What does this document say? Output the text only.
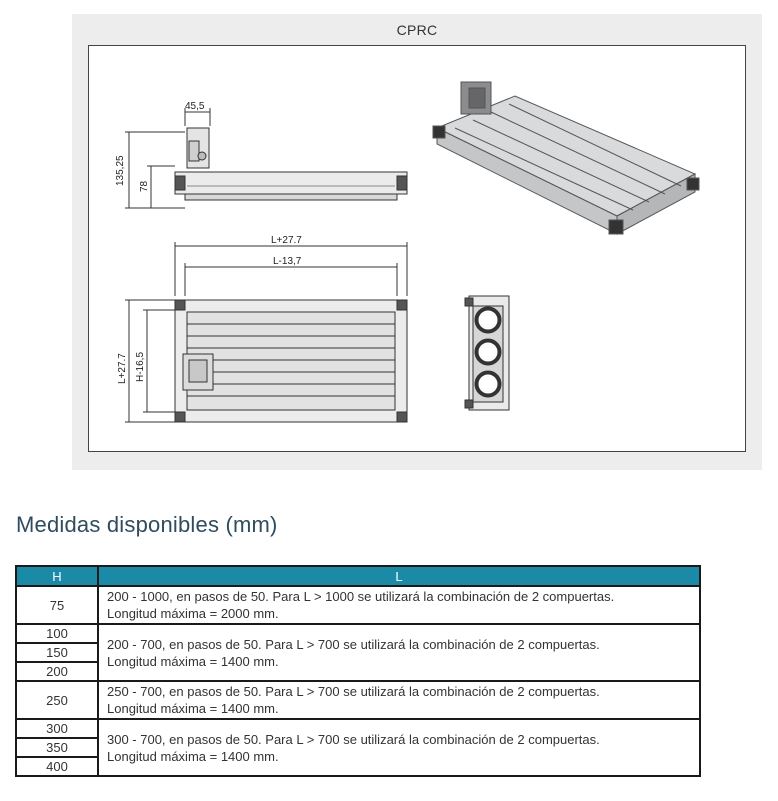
CPRC
45,5
135,25
78
L+27.7
L-13,7
L+27.7 H-16,5
Medidas disponibles (mm)
H	L
75	200 - 1000, en pasos de 50. Para L > 1000 se utilizará la combinación de 2 compuertas.
Longitud máxima = 2000 mm.

100	200 - 700, en pasos de 50. Para L > 700 se utilizará la combinación de 2 compuertas.
Longitud máxima = 1400 mm.

150	
200	
250	250 - 700, en pasos de 50. Para L > 700 se utilizará la combinación de 2 compuertas.
Longitud máxima = 1400 mm.

300	300 - 700, en pasos de 50. Para L > 700 se utilizará la combinación de 2 compuertas.
Longitud máxima = 1400 mm.

350	
400	
